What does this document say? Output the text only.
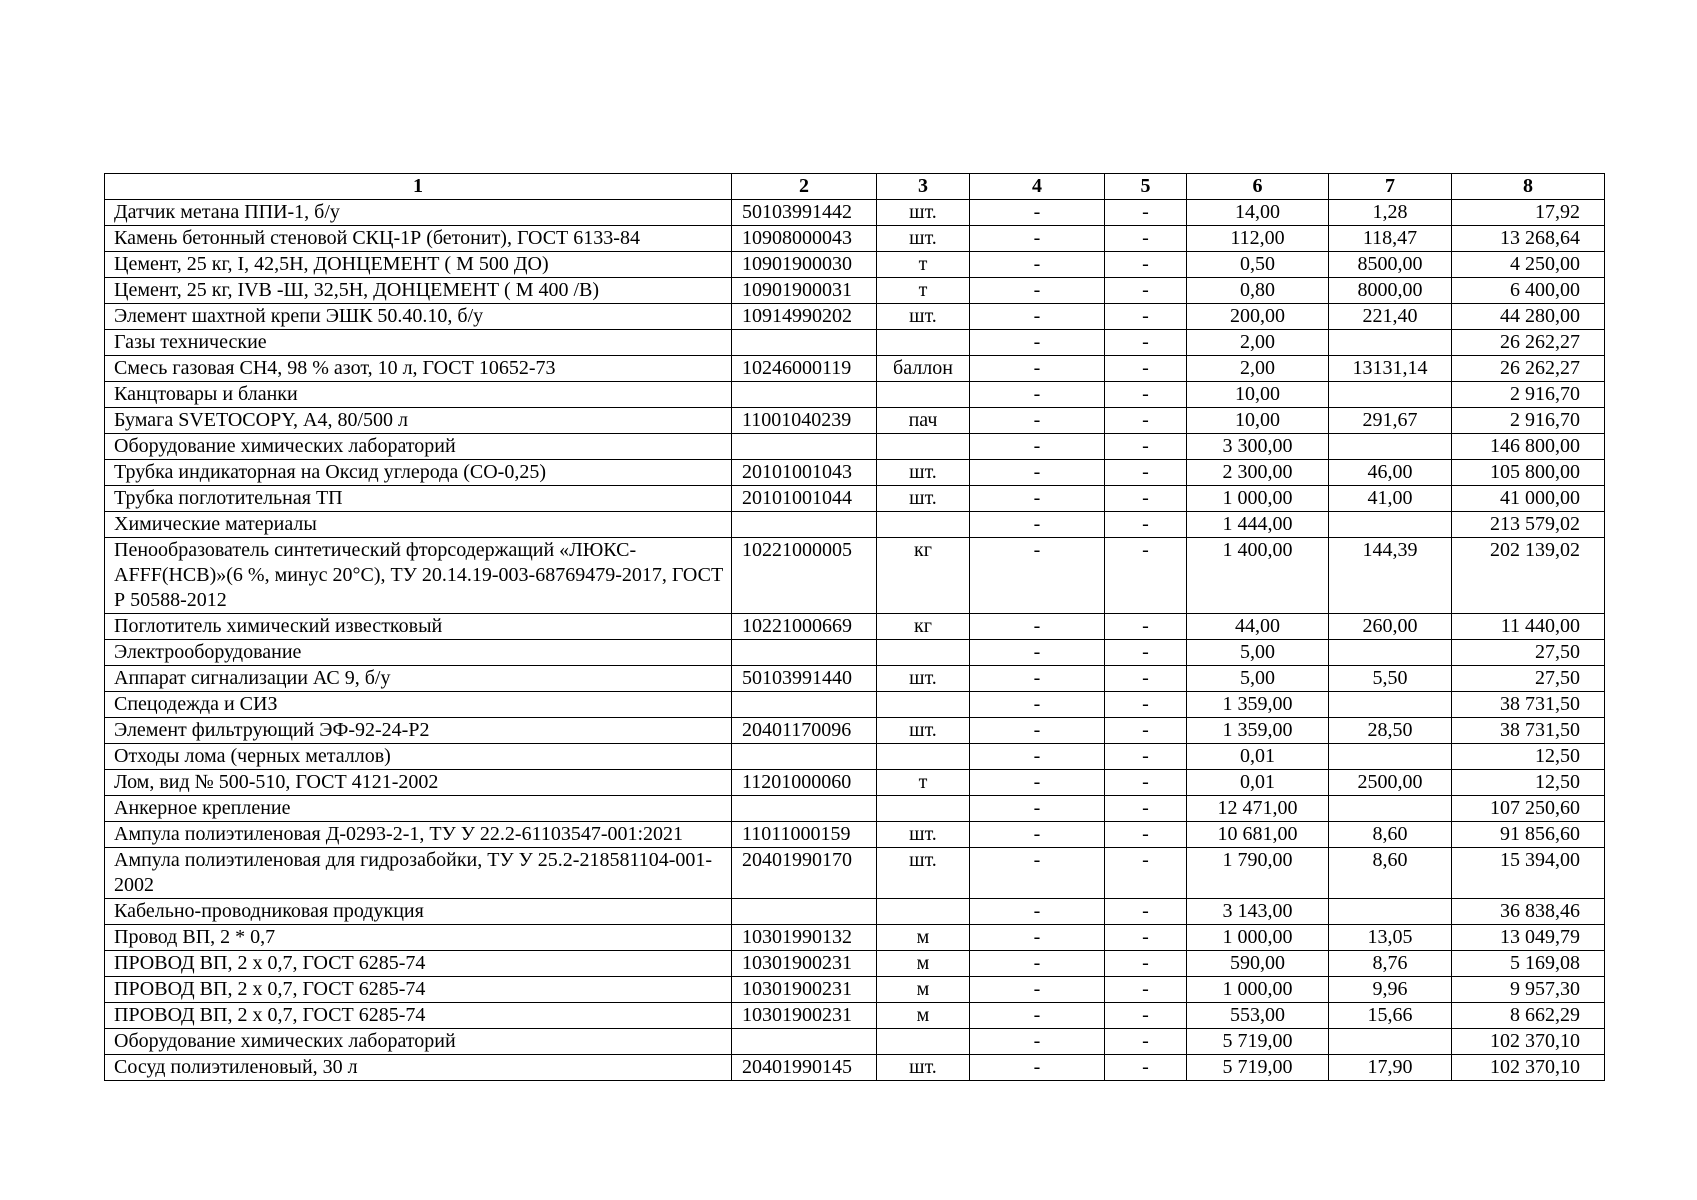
1	2	3	4	5	6	7	8
Датчик метана ППИ-1, б/у	50103991442	шт.	-	-	14,00	1,28	17,92
Камень бетонный стеновой СКЦ-1Р (бетонит), ГОСТ 6133-84	10908000043	шт.	-	-	112,00	118,47	13 268,64
Цемент, 25 кг, I, 42,5Н, ДОНЦЕМЕНТ ( М 500 ДО)	10901900030	т	-	-	0,50	8500,00	4 250,00
Цемент, 25 кг, IVВ -Ш, 32,5Н, ДОНЦЕМЕНТ ( М 400 /В)	10901900031	т	-	-	0,80	8000,00	6 400,00
Элемент шахтной крепи ЭШК 50.40.10, б/у	10914990202	шт.	-	-	200,00	221,40	44 280,00
Газы технические			-	-	2,00		26 262,27
Смесь газовая СН4, 98 % азот, 10 л, ГОСТ 10652-73	10246000119	баллон	-	-	2,00	13131,14	26 262,27
Канцтовары и бланки			-	-	10,00		2 916,70
Бумага SVETOCOPY, А4, 80/500 л	11001040239	пач	-	-	10,00	291,67	2 916,70
Оборудование химических лабораторий			-	-	3 300,00		146 800,00
Трубка индикаторная на Оксид углерода (СО-0,25)	20101001043	шт.	-	-	2 300,00	46,00	105 800,00
Трубка поглотительная ТП	20101001044	шт.	-	-	1 000,00	41,00	41 000,00
Химические материалы			-	-	1 444,00		213 579,02
Пенообразователь синтетический фторсодержащий «ЛЮКС-AFFF(HCB)»(6 %, минус 20°С), ТУ 20.14.19-003-68769479-2017, ГОСТ Р 50588-2012	10221000005	кг	-	-	1 400,00	144,39	202 139,02
Поглотитель химический известковый	10221000669	кг	-	-	44,00	260,00	11 440,00
Электрооборудование			-	-	5,00		27,50
Аппарат сигнализации АС 9, б/у	50103991440	шт.	-	-	5,00	5,50	27,50
Спецодежда и СИЗ			-	-	1 359,00		38 731,50
Элемент фильтрующий ЭФ-92-24-Р2	20401170096	шт.	-	-	1 359,00	28,50	38 731,50
Отходы лома (черных металлов)			-	-	0,01		12,50
Лом, вид № 500-510, ГОСТ 4121-2002	11201000060	т	-	-	0,01	2500,00	12,50
Анкерное крепление			-	-	12 471,00		107 250,60
Ампула полиэтиленовая Д-0293-2-1, ТУ У 22.2-61103547-001:2021	11011000159	шт.	-	-	10 681,00	8,60	91 856,60
Ампула полиэтиленовая для гидрозабойки, ТУ У 25.2-218581104-001-2002	20401990170	шт.	-	-	1 790,00	8,60	15 394,00
Кабельно-проводниковая продукция			-	-	3 143,00		36 838,46
Провод ВП, 2 * 0,7	10301990132	м	-	-	1 000,00	13,05	13 049,79
ПРОВОД ВП, 2 х 0,7, ГОСТ 6285-74	10301900231	м	-	-	590,00	8,76	5 169,08
ПРОВОД ВП, 2 х 0,7, ГОСТ 6285-74	10301900231	м	-	-	1 000,00	9,96	9 957,30
ПРОВОД ВП, 2 х 0,7, ГОСТ 6285-74	10301900231	м	-	-	553,00	15,66	8 662,29
Оборудование химических лабораторий			-	-	5 719,00		102 370,10
Сосуд полиэтиленовый, 30 л	20401990145	шт.	-	-	5 719,00	17,90	102 370,10
